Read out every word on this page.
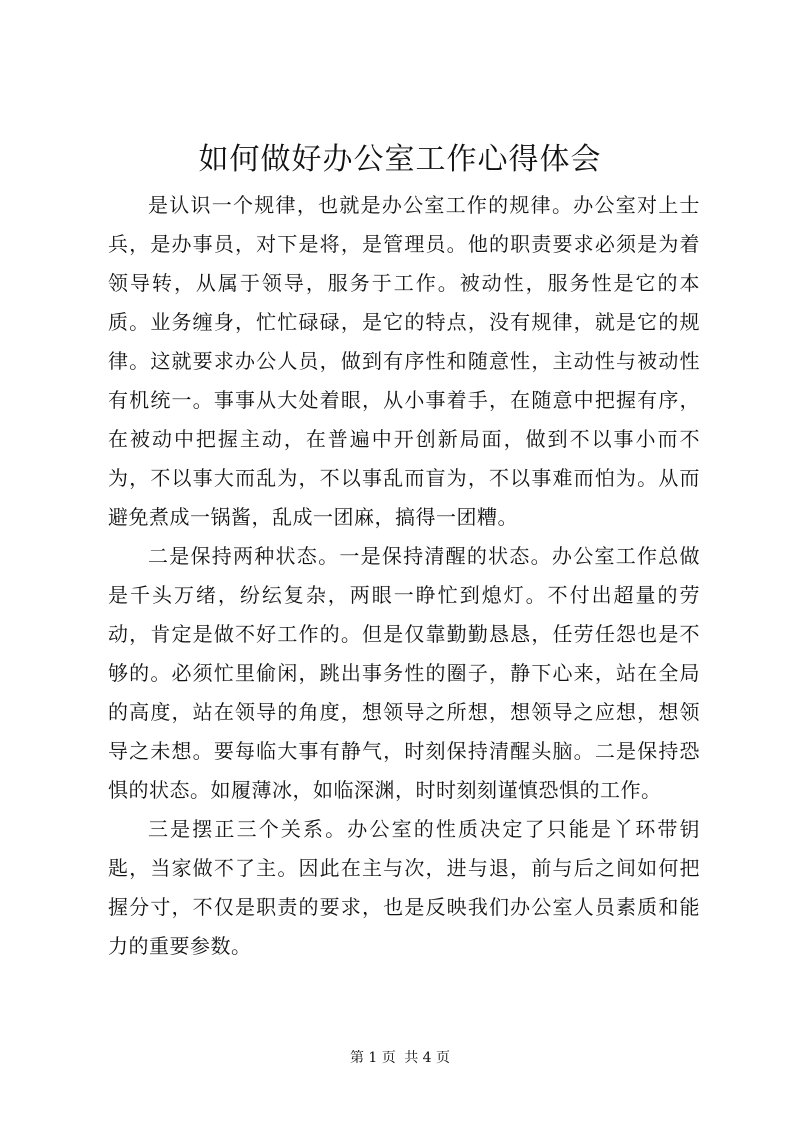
如何做好办公室工作心得体会

是认识一个规律，也就是办公室工作的规律。办公室对上士兵，是办事员，对下是将，是管理员。他的职责要求必须是为着领导转，从属于领导，服务于工作。被动性，服务性是它的本质。业务缠身，忙忙碌碌，是它的特点，没有规律，就是它的规律。这就要求办公人员，做到有序性和随意性，主动性与被动性有机统一。事事从大处着眼，从小事着手，在随意中把握有序，在被动中把握主动，在普遍中开创新局面，做到不以事小而不为，不以事大而乱为，不以事乱而盲为，不以事难而怕为。从而避免煮成一锅酱，乱成一团麻，搞得一团糟。

二是保持两种状态。一是保持清醒的状态。办公室工作总做是千头万绪，纷纭复杂，两眼一睁忙到熄灯。不付出超量的劳动，肯定是做不好工作的。但是仅靠勤勤恳恳，任劳任怨也是不够的。必须忙里偷闲，跳出事务性的圈子，静下心来，站在全局的高度，站在领导的角度，想领导之所想，想领导之应想，想领导之未想。要每临大事有静气，时刻保持清醒头脑。二是保持恐惧的状态。如履薄冰，如临深渊，时时刻刻谨慎恐惧的工作。

三是摆正三个关系。办公室的性质决定了只能是丫环带钥匙，当家做不了主。因此在主与次，进与退，前与后之间如何把握分寸，不仅是职责的要求，也是反映我们办公室人员素质和能力的重要参数。

第 1 页 共 4 页
